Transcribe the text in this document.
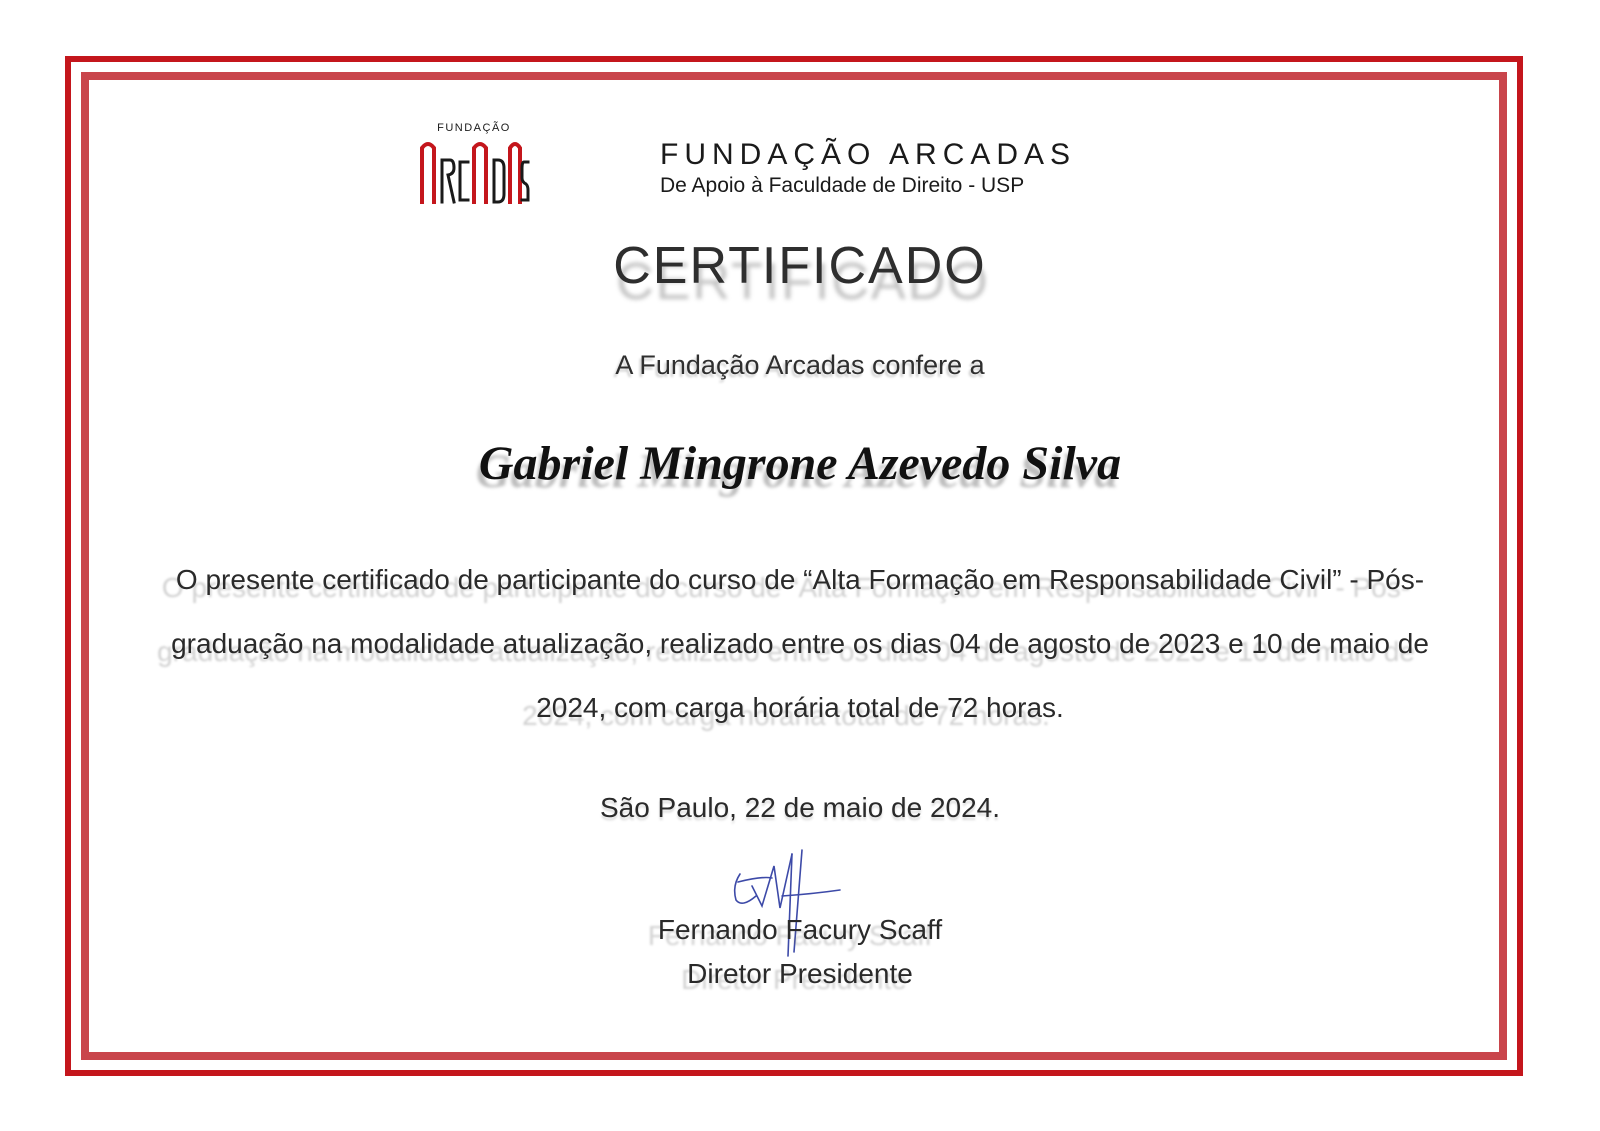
FUNDAÇÃO
FUNDAÇÃO ARCADAS
De Apoio à Faculdade de Direito - USP
CERTIFICADO
A Fundação Arcadas confere a
Gabriel Mingrone Azevedo Silva
O presente certificado de participante do curso de “Alta Formação em Responsabilidade Civil” - Pós-graduação na modalidade atualização, realizado entre os dias 04 de agosto de 2023 e 10 de maio de 2024, com carga horária total de 72 horas.
São Paulo, 22 de maio de 2024.
Fernando Facury Scaff
Diretor Presidente
